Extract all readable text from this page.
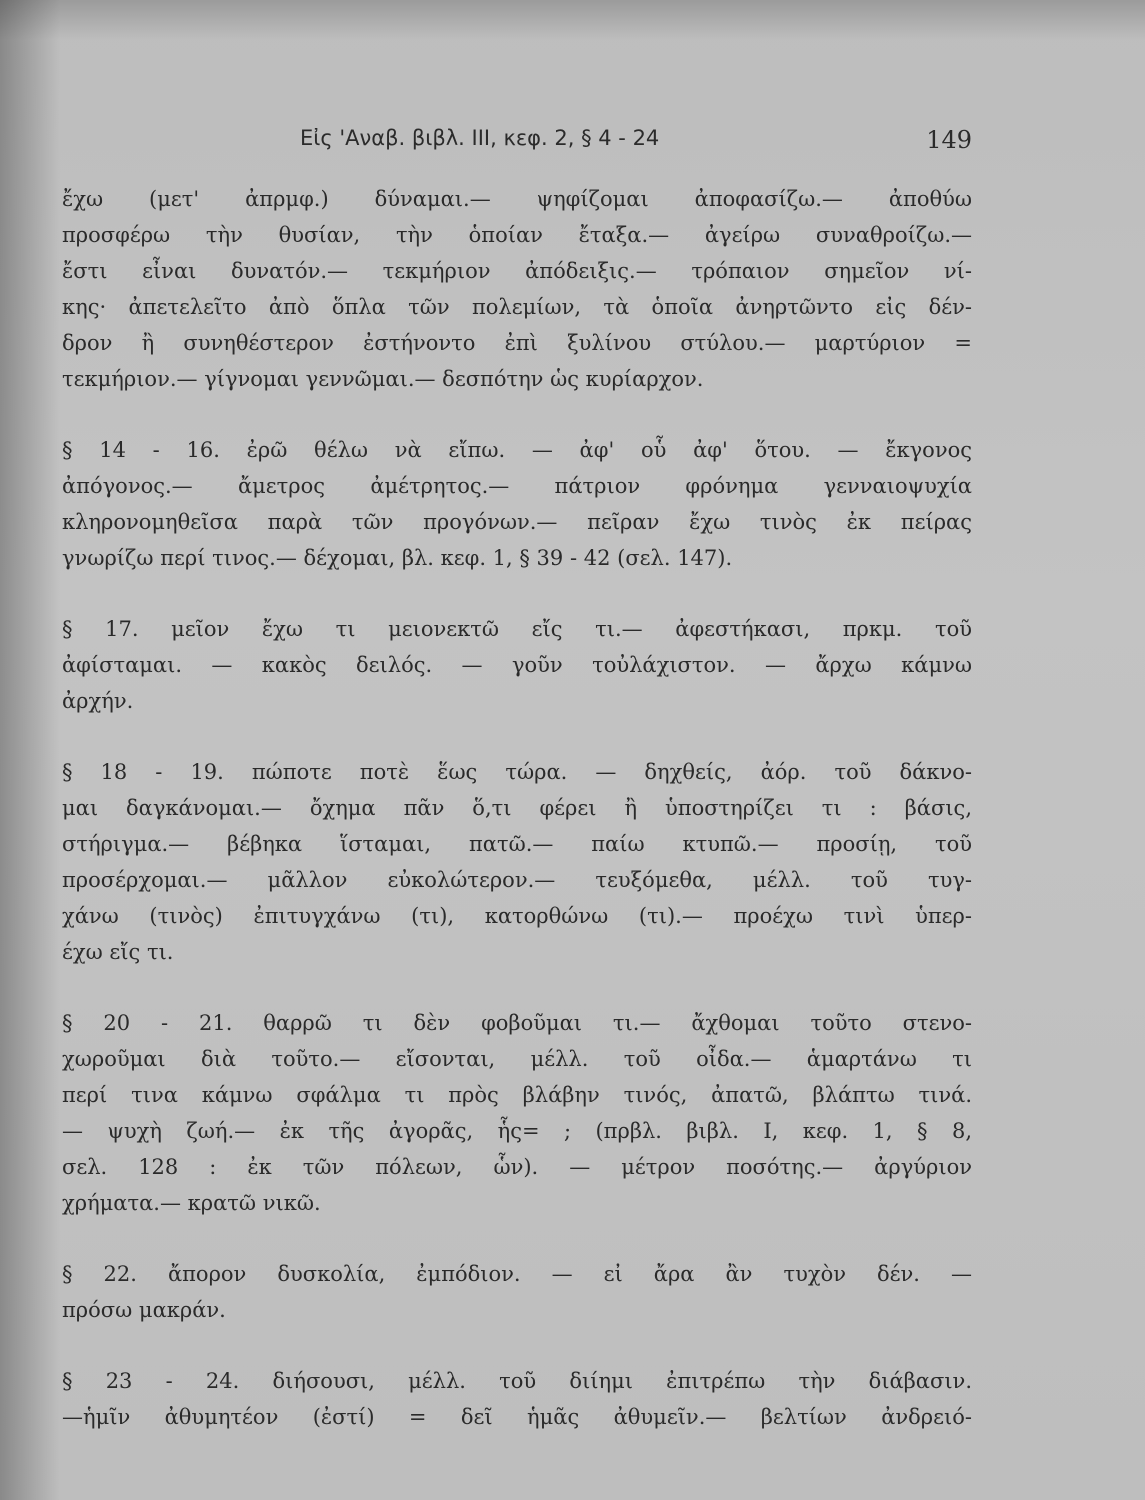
Εἰς 'Αναβ. βιβλ. III, κεφ. 2, § 4 - 24	149
ἔχω (μετ' ἀπρμφ.) δύναμαι.— ψηφίζομαι ἀποφασίζω.— ἀποθύω
προσφέρω τὴν θυσίαν, τὴν ὁποίαν ἔταξα.— ἀγείρω συναθροίζω.—
ἔστι εἶναι δυνατόν.— τεκμήριον ἀπόδειξις.— τρόπαιον σημεῖον νί-
κης· ἀπετελεῖτο ἀπὸ ὅπλα τῶν πολεμίων, τὰ ὁποῖα ἀνηρτῶντο εἰς δέν-
δρον ἢ συνηθέστερον ἐστήνοντο ἐπὶ ξυλίνου στύλου.— μαρτύριον =
τεκμήριον.— γίγνομαι γεννῶμαι.— δεσπότην ὡς κυρίαρχον.
§ 14 - 16. ἐρῶ θέλω νὰ εἴπω. — ἀφ' οὗ ἀφ' ὅτου. — ἔκγονος
ἀπόγονος.— ἄμετρος ἀμέτρητος.— πάτριον φρόνημα γενναιοψυχία
κληρονομηθεῖσα παρὰ τῶν προγόνων.— πεῖραν ἔχω τινὸς ἐκ πείρας
γνωρίζω περί τινος.— δέχομαι, βλ. κεφ. 1, § 39 - 42 (σελ. 147).
§ 17. μεῖον ἔχω τι μειονεκτῶ εἴς τι.— ἀφεστήκασι, πρκμ. τοῦ
ἀφίσταμαι. — κακὸς δειλός. — γοῦν τοὐλάχιστον. — ἄρχω κάμνω
ἀρχήν.
§ 18 - 19. πώποτε ποτὲ ἕως τώρα. — δηχθείς, ἀόρ. τοῦ δάκνο-
μαι δαγκάνομαι.— ὄχημα πᾶν ὅ,τι φέρει ἢ ὑποστηρίζει τι : βάσις,
στήριγμα.— βέβηκα ἵσταμαι, πατῶ.— παίω κτυπῶ.— προσίῃ, τοῦ
προσέρχομαι.— μᾶλλον εὐκολώτερον.— τευξόμεθα, μέλλ. τοῦ τυγ-
χάνω (τινὸς) ἐπιτυγχάνω (τι), κατορθώνω (τι).— προέχω τινὶ ὑπερ-
έχω εἴς τι.
§ 20 - 21. θαρρῶ τι δὲν φοβοῦμαι τι.— ἄχθομαι τοῦτο στενο-
χωροῦμαι διὰ τοῦτο.— εἴσονται, μέλλ. τοῦ οἶδα.— ἁμαρτάνω τι
περί τινα κάμνω σφάλμα τι πρὸς βλάβην τινός, ἀπατῶ, βλάπτω τινά.
— ψυχὴ ζωή.— ἐκ τῆς ἀγορᾶς, ἧς= ; (πρβλ. βιβλ. I, κεφ. 1, § 8,
σελ. 128 : ἐκ τῶν πόλεων, ὧν). — μέτρον ποσότης.— ἀργύριον
χρήματα.— κρατῶ νικῶ.
§ 22. ἄπορον δυσκολία, ἐμπόδιον. — εἰ ἄρα ἂν τυχὸν δέν. —
πρόσω μακράν.
§ 23 - 24. διήσουσι, μέλλ. τοῦ διίημι ἐπιτρέπω τὴν διάβασιν.
—ἡμῖν ἀθυμητέον (ἐστί) = δεῖ ἡμᾶς ἀθυμεῖν.— βελτίων ἀνδρειό-
